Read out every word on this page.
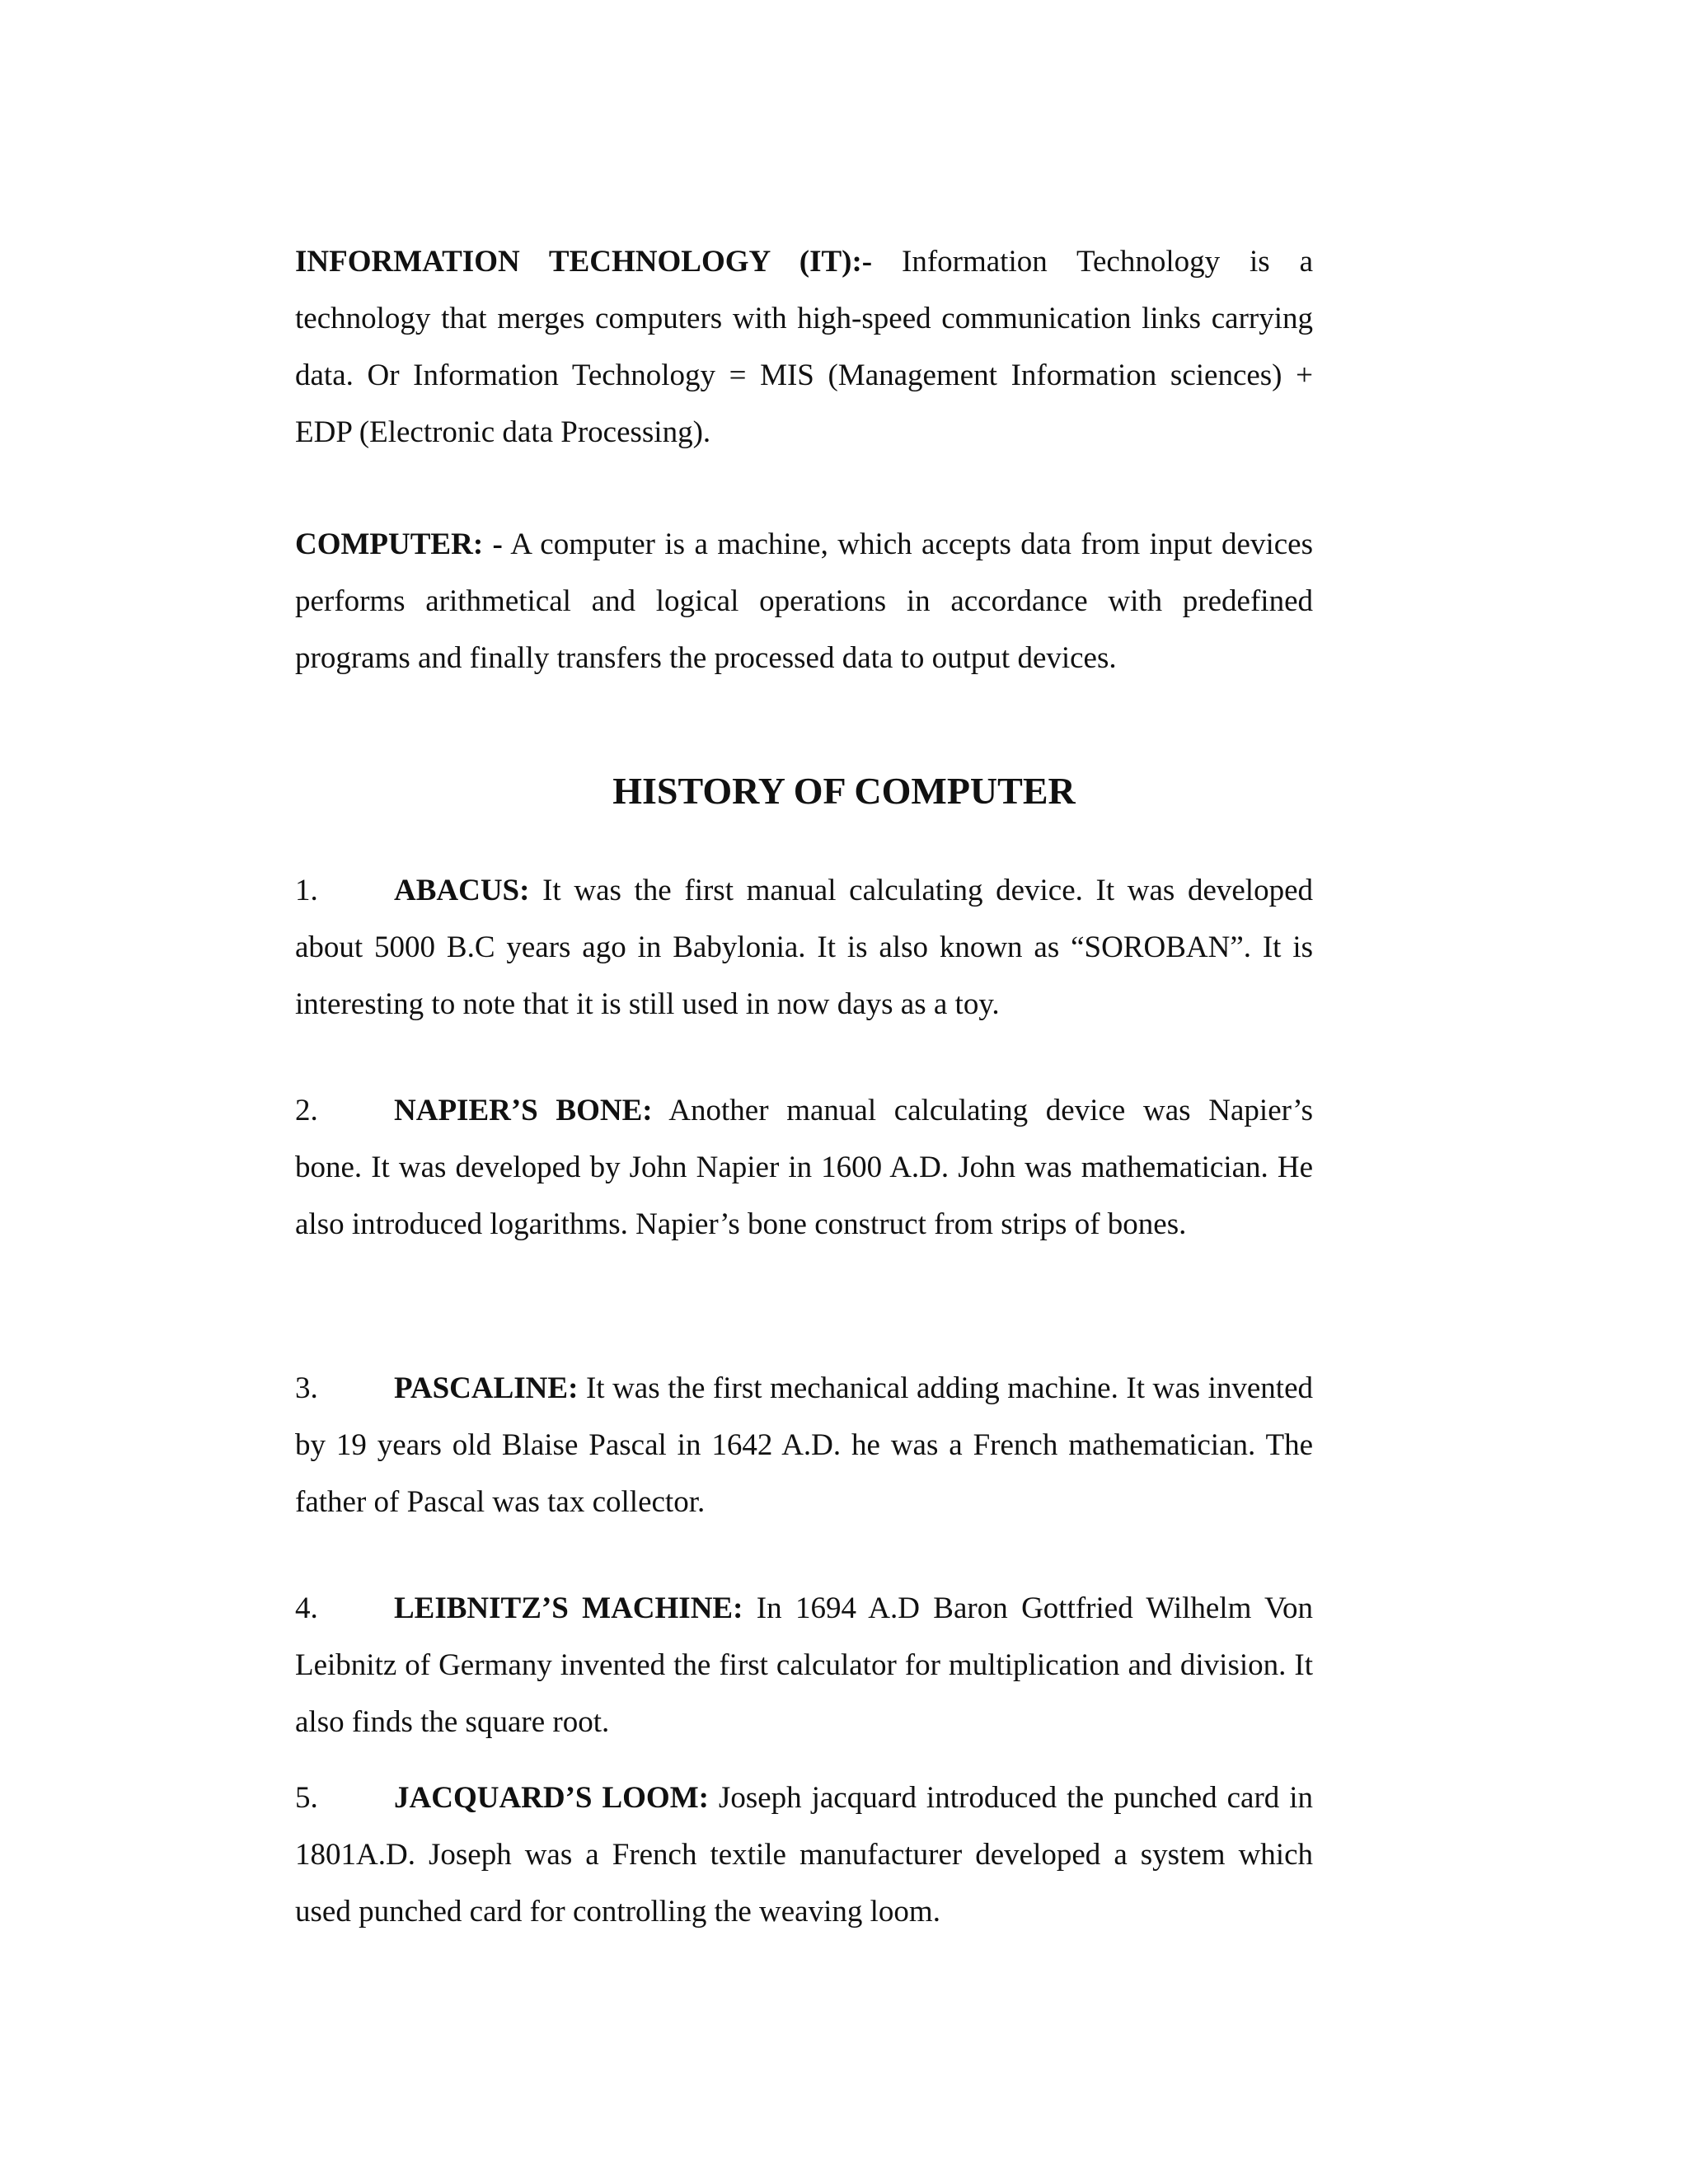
INFORMATION TECHNOLOGY (IT):- Information Technology is a technology that merges computers with high-speed communication links carrying data. Or Information Technology = MIS (Management Information sciences) + EDP (Electronic data Processing).

COMPUTER: - A computer is a machine, which accepts data from input devices performs arithmetical and logical operations in accordance with predefined programs and finally transfers the processed data to output devices.

HISTORY OF COMPUTER

1. ABACUS: It was the first manual calculating device. It was developed about 5000 B.C years ago in Babylonia. It is also known as “SOROBAN”. It is interesting to note that it is still used in now days as a toy.

2. NAPIER’S BONE: Another manual calculating device was Napier’s bone. It was developed by John Napier in 1600 A.D. John was mathematician. He also introduced logarithms. Napier’s bone construct from strips of bones.

3. PASCALINE: It was the first mechanical adding machine. It was invented by 19 years old Blaise Pascal in 1642 A.D. he was a French mathematician. The father of Pascal was tax collector.

4. LEIBNITZ’S MACHINE: In 1694 A.D Baron Gottfried Wilhelm Von Leibnitz of Germany invented the first calculator for multiplication and division. It also finds the square root.

5. JACQUARD’S LOOM: Joseph jacquard introduced the punched card in 1801A.D. Joseph was a French textile manufacturer developed a system which used punched card for controlling the weaving loom.
